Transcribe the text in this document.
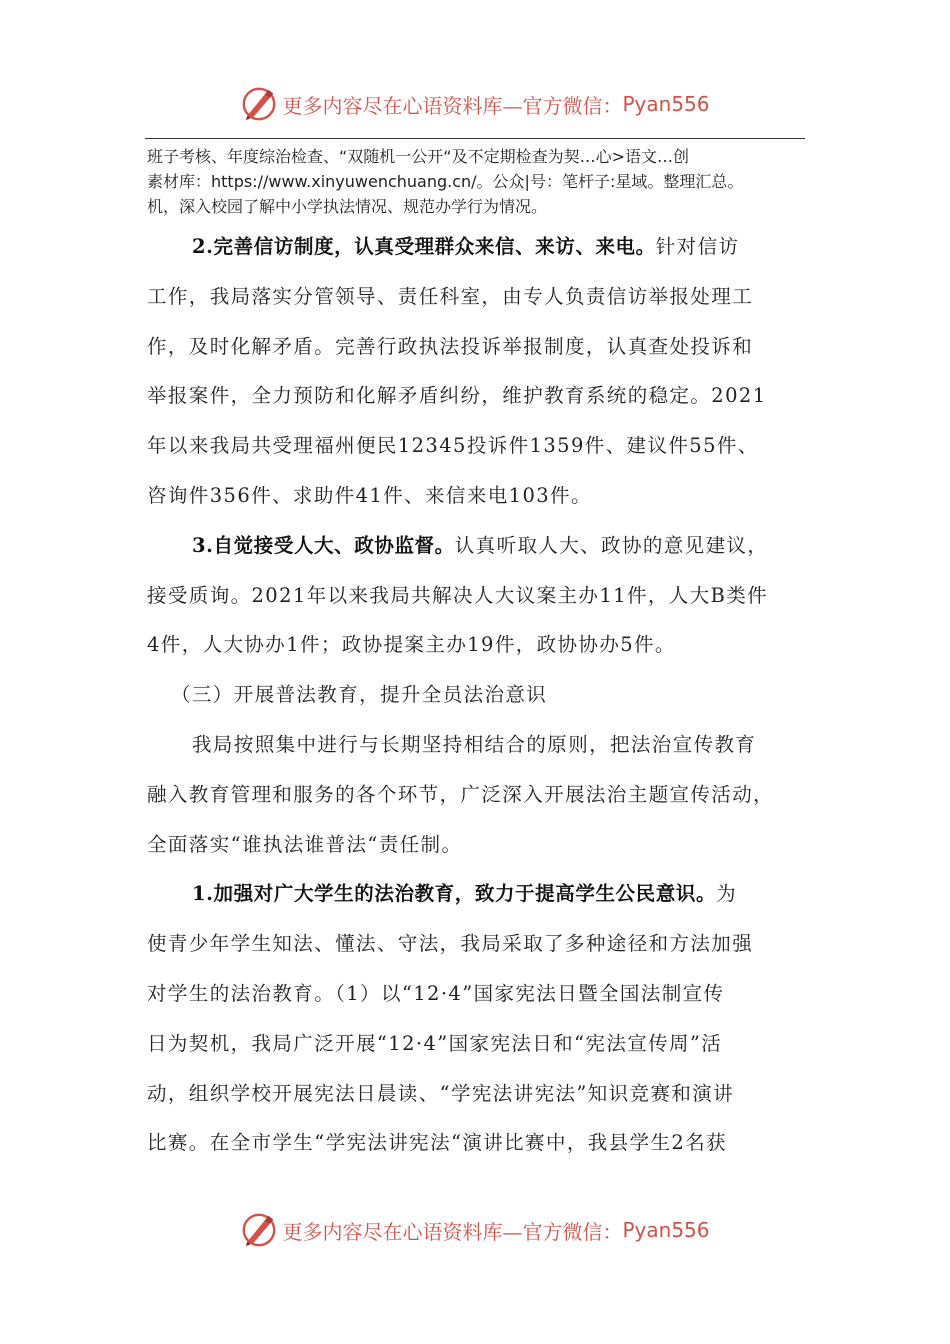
更多内容尽在心语资料库—官方微信： Pyan556
班子考核、年度综治检查、“双随机一公开“及不定期检查为契…心>语文…创
素材库：https://www.xinyuwenchuang.cn/。公众|号：笔杆子:星域。整理汇总。
机，深入校园了解中小学执法情况、规范办学行为情况。
2.完善信访制度，认真受理群众来信、来访、来电。针对信访
工作，我局落实分管领导、责任科室，由专人负责信访举报处理工
作，及时化解矛盾。完善行政执法投诉举报制度，认真查处投诉和
举报案件，全力预防和化解矛盾纠纷，维护教育系统的稳定。2021
年以来我局共受理福州便民12345投诉件1359件、建议件55件、
咨询件356件、求助件41件、来信来电103件。
3.自觉接受人大、政协监督。认真听取人大、政协的意见建议，
接受质询。2021年以来我局共解决人大议案主办11件，人大B类件
4件，人大协办1件；政协提案主办19件，政协协办5件。
（三）开展普法教育，提升全员法治意识
我局按照集中进行与长期坚持相结合的原则，把法治宣传教育
融入教育管理和服务的各个环节，广泛深入开展法治主题宣传活动，
全面落实“谁执法谁普法“责任制。
1.加强对广大学生的法治教育，致力于提高学生公民意识。为
使青少年学生知法、懂法、守法，我局采取了多种途径和方法加强
对学生的法治教育。（1）以“12·4”国家宪法日暨全国法制宣传
日为契机，我局广泛开展“12·4”国家宪法日和“宪法宣传周”活
动，组织学校开展宪法日晨读、“学宪法讲宪法”知识竞赛和演讲
比赛。在全市学生“学宪法讲宪法“演讲比赛中，我县学生2名获
更多内容尽在心语资料库—官方微信： Pyan556
